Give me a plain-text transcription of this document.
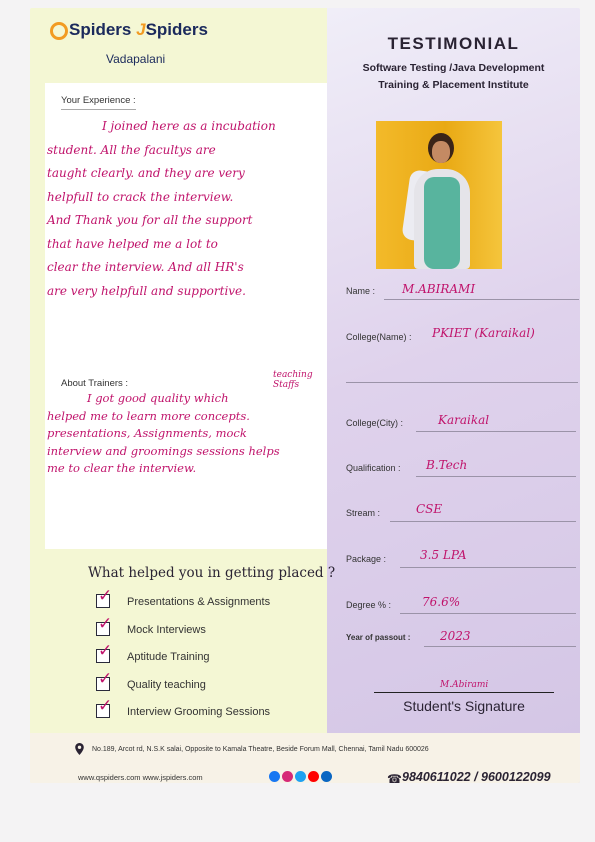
Spiders JSpiders
Vadapalani
TESTIMONIAL
Software Testing /Java Development
Training & Placement Institute
Your Experience :
I joined here as a incubation
student. All the facultys are
taught clearly. and they are very
helpfull to crack the interview.
And Thank you for all the support
that have helped me a lot to
clear the interview. And all HR's
are very helpfull and supportive.
About Trainers :
teaching Staffs
I got good quality which
helped me to learn more concepts.
presentations, Assignments, mock
interview and groomings sessions helps
me to clear the interview.
What helped you in getting placed ?
✓ Presentations & Assignments
✓ Mock Interviews
✓ Aptitude Training
✓ Quality teaching
✓ Interview Grooming Sessions
Name : M.ABIRAMI
College(Name) : PKIET (Karaikal)
College(City) :	Karaikal
Qualification : B.Tech
Stream :	CSE
Package :	3.5 LPA
Degree % :	76.6%
Year of passout : 2023
M.Abirami
Student's Signature
No.189, Arcot rd, N.S.K salai, Opposite to Kamala Theatre, Beside Forum Mall, Chennai, Tamil Nadu 600026
www.qspiders.com www.jspiders.com	☎ 9840611022 / 9600122099
